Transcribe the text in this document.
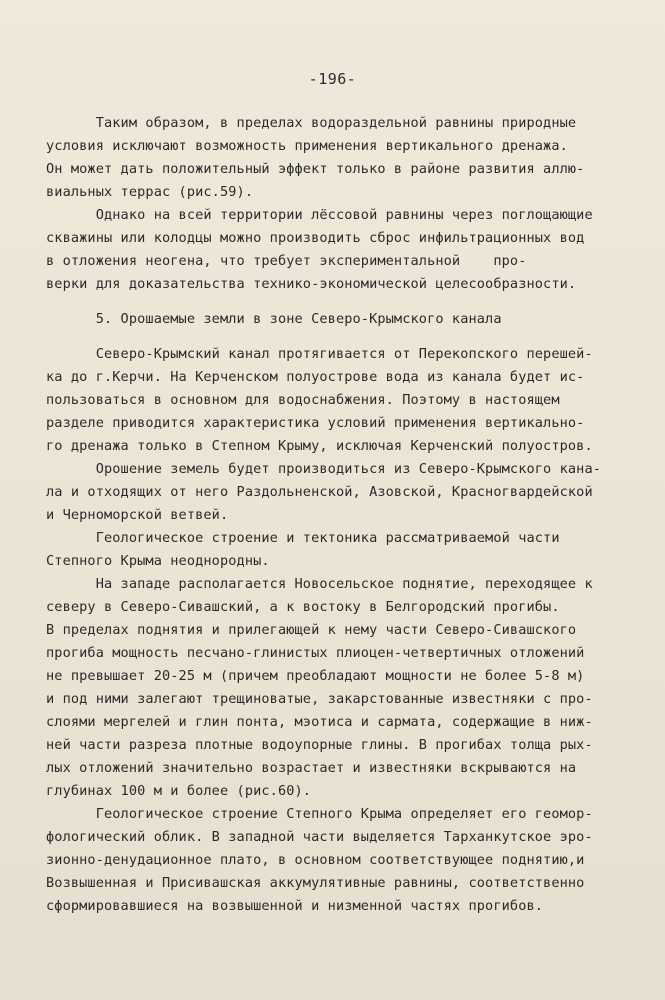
-196-
Таким образом, в пределах водораздельной равнины природные
условия исключают возможность применения вертикального дренажа.
Он может дать положительный эффект только в районе развития аллю-
виальных террас (рис.59).
Однако на всей территории лёссовой равнины через поглощающие
скважины или колодцы можно производить сброс инфильтрационных вод
в отложения неогена, что требует экспериментальной    про-
верки для доказательства технико-экономической целесообразности.
5. Орошаемые земли в зоне Северо-Крымского канала
Северо-Крымский канал протягивается от Перекопского перешей-
ка до г.Керчи. На Керченском полуострове вода из канала будет ис-
пользоваться в основном для водоснабжения. Поэтому в настоящем
разделе приводится характеристика условий применения вертикально-
го дренажа только в Степном Крыму, исключая Керченский полуостров.
Орошение земель будет производиться из Северо-Крымского кана-
ла и отходящих от него Раздольненской, Азовской, Красногвардейской
и Черноморской ветвей.
Геологическое строение и тектоника рассматриваемой части
Степного Крыма неоднородны.
На западе располагается Новосельское поднятие, переходящее к
северу в Северо-Сивашский, а к востоку в Белгородский прогибы.
В пределах поднятия и прилегающей к нему части Северо-Сивашского
прогиба мощность песчано-глинистых плиоцен-четвертичных отложений
не превышает 20-25 м (причем преобладают мощности не более 5-8 м)
и под ними залегают трещиноватые, закарстованные известняки с про-
слоями мергелей и глин понта, мэотиса и сармата, содержащие в ниж-
ней части разреза плотные водоупорные глины. В прогибах толща рых-
лых отложений значительно возрастает и известняки вскрываются на
глубинах 100 м и более (рис.60).
Геологическое строение Степного Крыма определяет его геомор-
фологический облик. В западной части выделяется Тарханкутское эро-
зионно-денудационное плато, в основном соответствующее поднятию,и
Возвышенная и Присивашская аккумулятивные равнины, соответственно
сформировавшиеся на возвышенной и низменной частях прогибов.
